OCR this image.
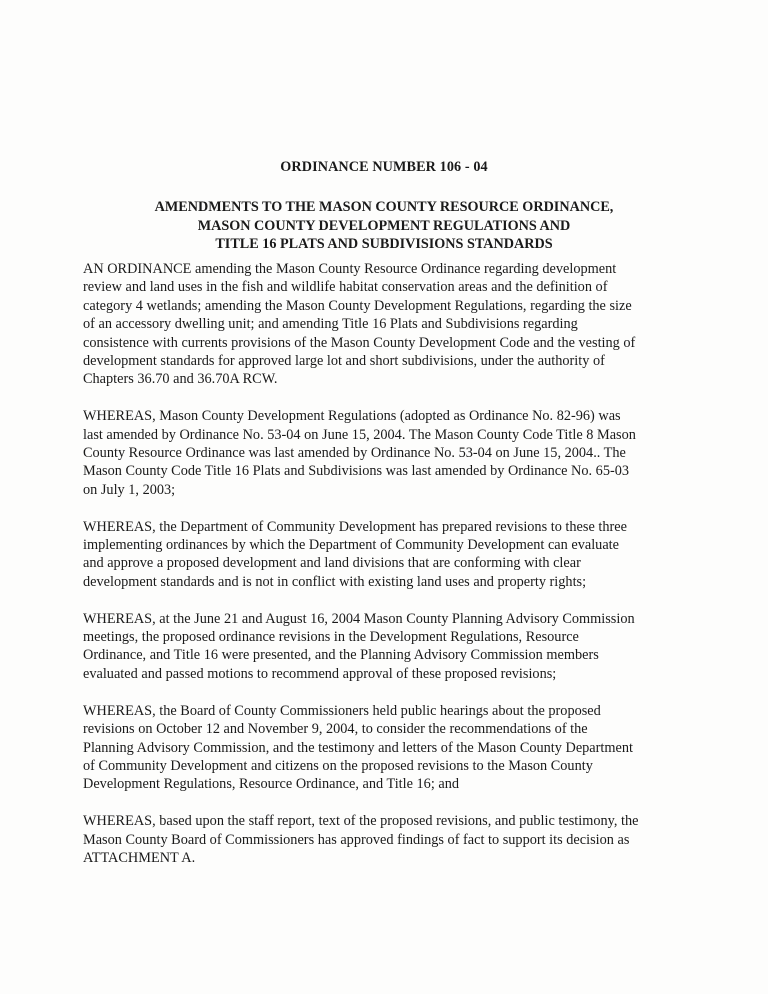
ORDINANCE NUMBER 106 - 04
AMENDMENTS TO THE MASON COUNTY RESOURCE ORDINANCE,
MASON COUNTY DEVELOPMENT REGULATIONS AND
TITLE 16 PLATS AND SUBDIVISIONS STANDARDS

AN ORDINANCE amending the Mason County Resource Ordinance regarding development
review and land uses in the fish and wildlife habitat conservation areas and the definition of
category 4 wetlands; amending the Mason County Development Regulations, regarding the size
of an accessory dwelling unit; and amending Title 16 Plats and Subdivisions regarding
consistence with currents provisions of the Mason County Development Code and the vesting of
development standards for approved large lot and short subdivisions, under the authority of
Chapters 36.70 and 36.70A RCW.

WHEREAS, Mason County Development Regulations (adopted as Ordinance No. 82-96) was
last amended by Ordinance No. 53-04 on June 15, 2004. The Mason County Code Title 8 Mason
County Resource Ordinance was last amended by Ordinance No. 53-04 on June 15, 2004.. The
Mason County Code Title 16 Plats and Subdivisions was last amended by Ordinance No. 65-03
on July 1, 2003;

WHEREAS, the Department of Community Development has prepared revisions to these three
implementing ordinances by which the Department of Community Development can evaluate
and approve a proposed development and land divisions that are conforming with clear
development standards and is not in conflict with existing land uses and property rights;

WHEREAS, at the June 21 and August 16, 2004 Mason County Planning Advisory Commission
meetings, the proposed ordinance revisions in the Development Regulations, Resource
Ordinance, and Title 16 were presented, and the Planning Advisory Commission members
evaluated and passed motions to recommend approval of these proposed revisions;

WHEREAS, the Board of County Commissioners held public hearings about the proposed
revisions on October 12 and November 9, 2004, to consider the recommendations of the
Planning Advisory Commission, and the testimony and letters of the Mason County Department
of Community Development and citizens on the proposed revisions to the Mason County
Development Regulations, Resource Ordinance, and Title 16; and

WHEREAS, based upon the staff report, text of the proposed revisions, and public testimony, the
Mason County Board of Commissioners has approved findings of fact to support its decision as
ATTACHMENT A.
